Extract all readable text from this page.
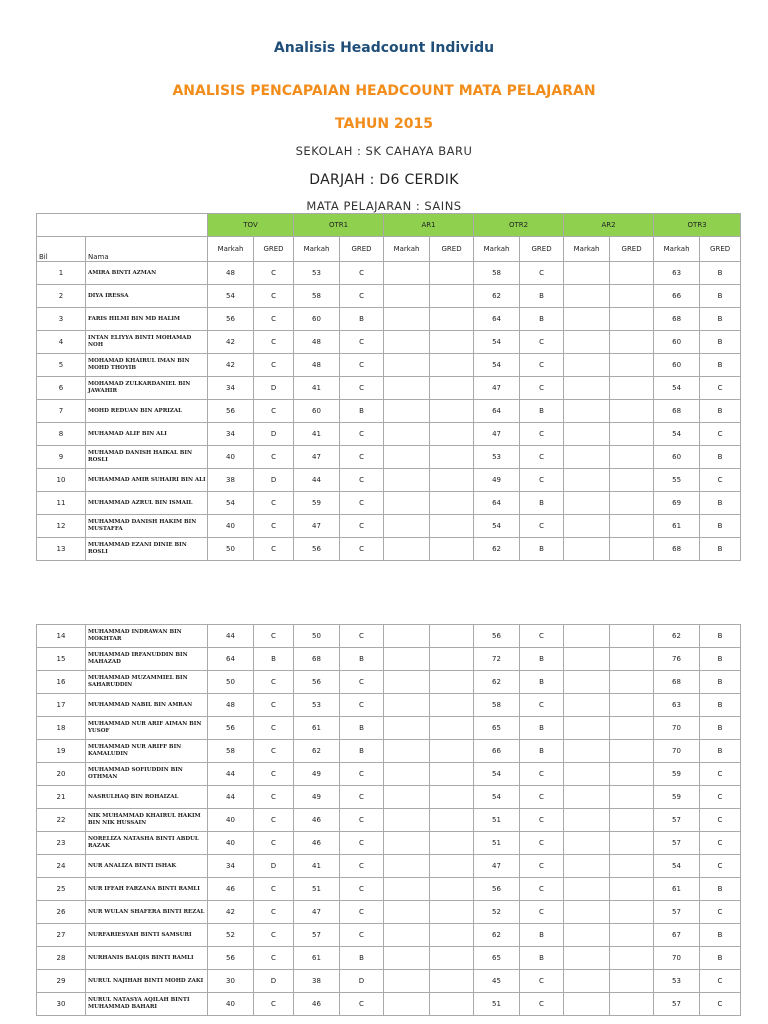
Analisis Headcount Individu
ANALISIS PENCAPAIAN HEADCOUNT MATA PELAJARAN
TAHUN 2015
SEKOLAH : SK CAHAYA BARU
DARJAH : D6 CERDIK
MATA PELAJARAN : SAINS
		TOV		OTR1		AR1		OTR2		AR2		OTR3	
Bil	Nama	Markah	GRED	Markah	GRED	Markah	GRED	Markah	GRED	Markah	GRED	Markah	GRED
1	AMIRA BINTI AZMAN	48	C	53	C			58	C			63	B
2	DIYA IRESSA	54	C	58	C			62	B			66	B
3	FARIS HILMI BIN MD HALIM	56	C	60	B			64	B			68	B
4	INTAN ELIYYA BINTI MOHAMAD NOH	42	C	48	C			54	C			60	B
5	MOHAMAD KHAIRUL IMAN BIN MOHD THOYIB	42	C	48	C			54	C			60	B
6	MOHAMAD ZULKARDANIEL BIN JAWAHIR	34	D	41	C			47	C			54	C
7	MOHD REDUAN BIN APRIZAL	56	C	60	B			64	B			68	B
8	MUHAMAD ALIF BIN ALI	34	D	41	C			47	C			54	C
9	MUHAMAD DANISH HAIKAL BIN ROSLI	40	C	47	C			53	C			60	B
10	MUHAMMAD AMIR SUHAIRI BIN ALI	38	D	44	C			49	C			55	C
11	MUHAMMAD AZRUL BIN ISMAIL	54	C	59	C			64	B			69	B
12	MUHAMMAD DANISH HAKIM BIN MUSTAFFA	40	C	47	C			54	C			61	B
13	MUHAMMAD EZANI DINIE BIN ROSLI	50	C	56	C			62	B			68	B
14	MUHAMMAD INDRAWAN BIN MOKHTAR	44	C	50	C			56	C			62	B
15	MUHAMMAD IRFANUDDIN BIN MAHAZAD	64	B	68	B			72	B			76	B
16	MUHAMMAD MUZAMMIEL BIN SAHARUDDIN	50	C	56	C			62	B			68	B
17	MUHAMMAD NABIL BIN AMRAN	48	C	53	C			58	C			63	B
18	MUHAMMAD NUR ARIF AIMAN BIN YUSOF	56	C	61	B			65	B			70	B
19	MUHAMMAD NUR ARIFF BIN KAMALUDIN	58	C	62	B			66	B			70	B
20	MUHAMMAD SOFIUDDIN BIN OTHMAN	44	C	49	C			54	C			59	C
21	NASRULHAQ BIN ROHAIZAL	44	C	49	C			54	C			59	C
22	NIK MUHAMMAD KHAIRUL HAKIM BIN NIK HUSSAIN	40	C	46	C			51	C			57	C
23	NORELIZA NATASHA BINTI ABDUL RAZAK	40	C	46	C			51	C			57	C
24	NUR ANALIZA BINTI ISHAK	34	D	41	C			47	C			54	C
25	NUR IFFAH FARZANA BINTI RAMLI	46	C	51	C			56	C			61	B
26	NUR WULAN SHAFERA BINTI REZAL	42	C	47	C			52	C			57	C
27	NURFARIESYAH BINTI SAMSURI	52	C	57	C			62	B			67	B
28	NURHANIS BALQIS BINTI RAMLI	56	C	61	B			65	B			70	B
29	NURUL NAJIHAH BINTI MOHD ZAKI	30	D	38	D			45	C			53	C
30	NURUL NATASYA AQILAH BINTI MUHAMMAD BAHARI	40	C	46	C			51	C			57	C
